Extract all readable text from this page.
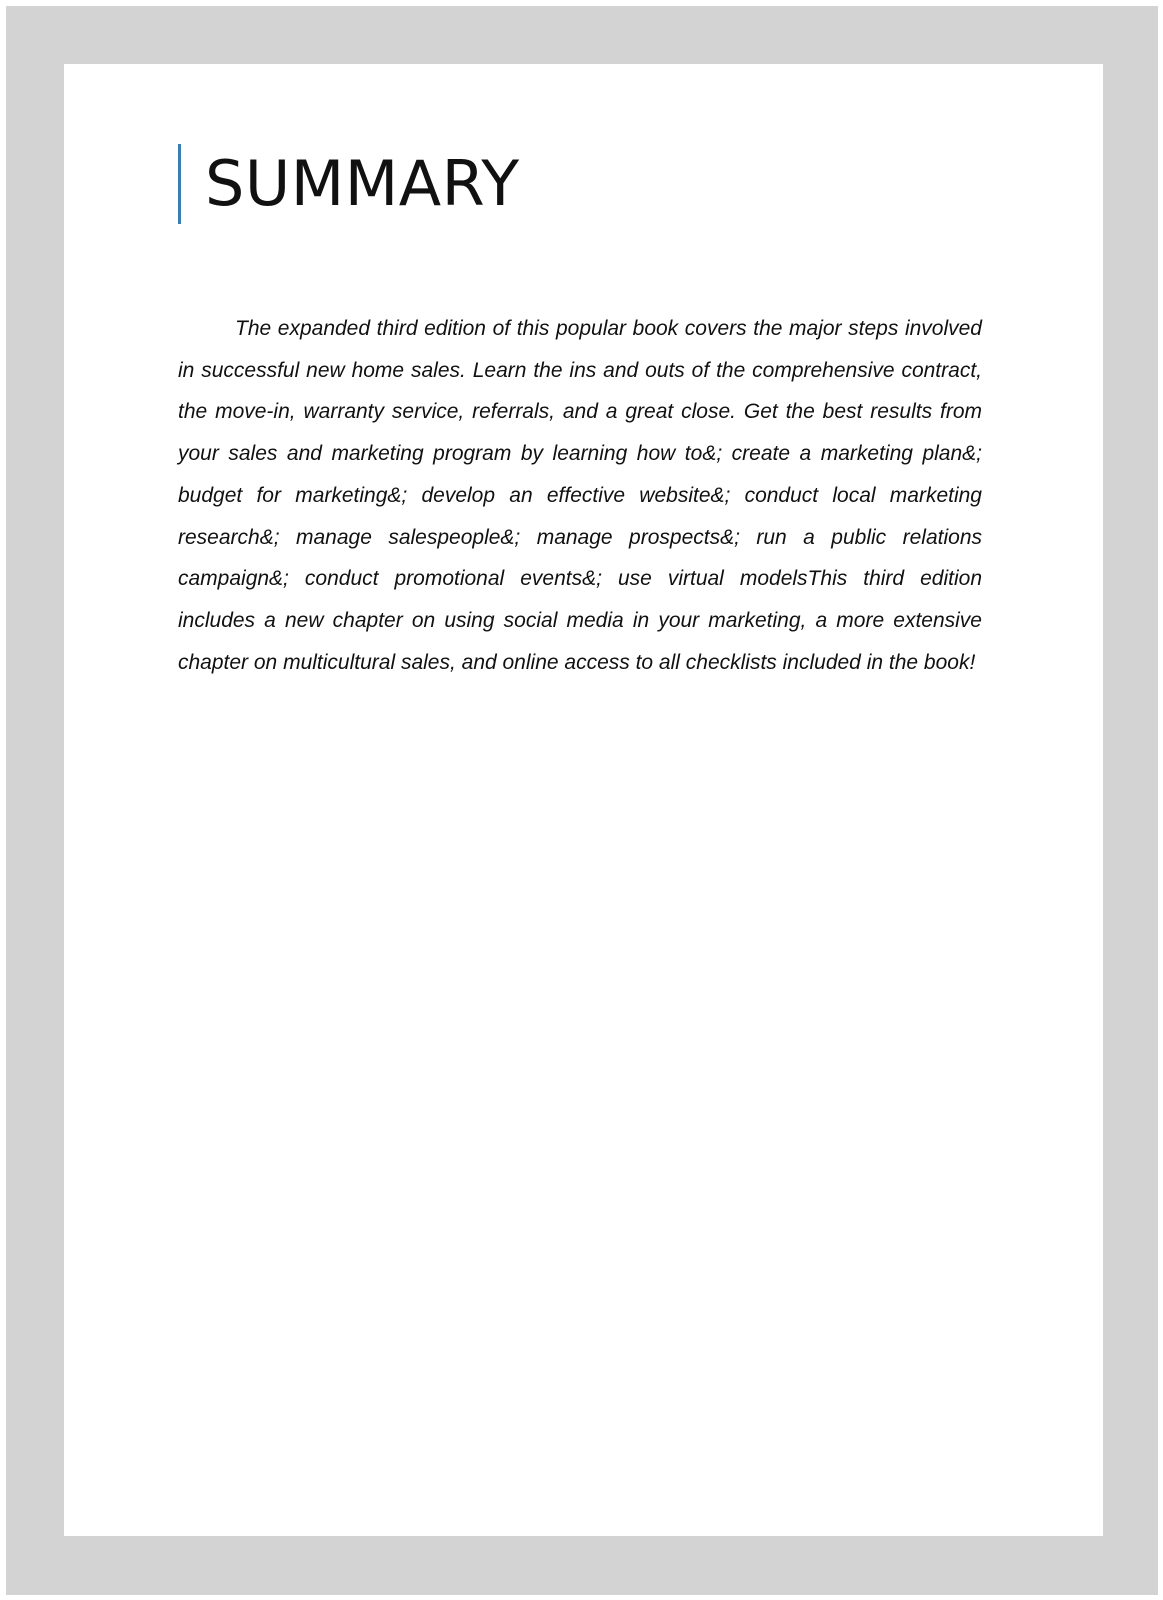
SUMMARY

The expanded third edition of this popular book covers the major steps involved in successful new home sales. Learn the ins and outs of the comprehensive contract, the move-in, warranty service, referrals, and a great close. Get the best results from your sales and marketing program by learning how to&; create a marketing plan&; budget for marketing&; develop an effective website&; conduct local marketing research&; manage salespeople&; manage prospects&; run a public relations campaign&; conduct promotional events&; use virtual modelsThis third edition includes a new chapter on using social media in your marketing, a more extensive chapter on multicultural sales, and online access to all checklists included in the book!
